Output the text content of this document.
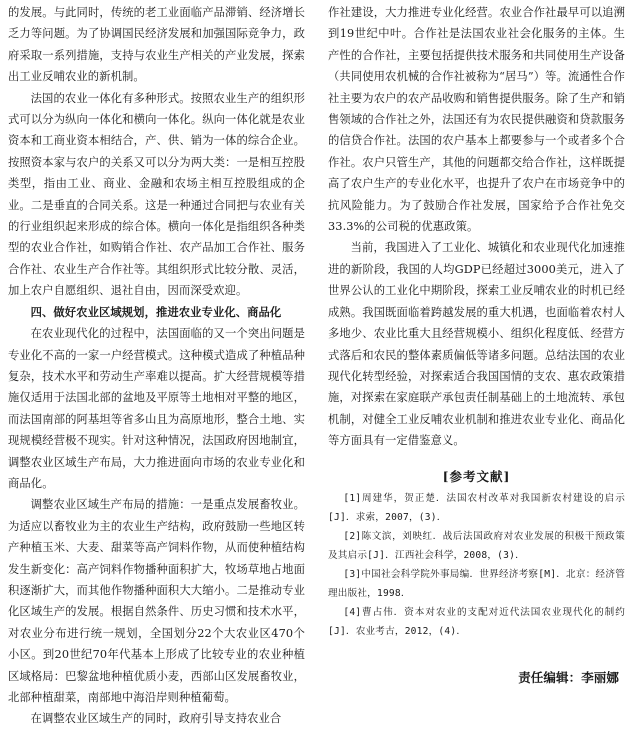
的发展。与此同时，传统的老工业面临产品滞销、经济增长乏力等问题。为了协调国民经济发展和加强国际竞争力，政府采取一系列措施，支持与农业生产相关的产业发展，探索出工业反哺农业的新机制。

法国的农业一体化有多种形式。按照农业生产的组织形式可以分为纵向一体化和横向一体化。纵向一体化就是农业资本和工商业资本相结合，产、供、销为一体的综合企业。按照资本家与农户的关系又可以分为两大类：一是相互控股类型，指由工业、商业、金融和农场主相互控股组成的企业。二是垂直的合同关系。这是一种通过合同把与农业有关的行业组织起来形成的综合体。横向一体化是指组织各种类型的农业合作社，如购销合作社、农产品加工合作社、服务合作社、农业生产合作社等。其组织形式比较分散、灵活，加上农户自愿组织、退社自由，因而深受欢迎。

四、做好农业区域规划，推进农业专业化、商品化

在农业现代化的过程中，法国面临的又一个突出问题是专业化不高的一家一户经营模式。这种模式造成了种植品种复杂，技术水平和劳动生产率难以提高。扩大经营规模等措施仅适用于法国北部的盆地及平原等土地相对平整的地区，而法国南部的阿基坦等省多山且为高原地形，整合土地、实现规模经营极不现实。针对这种情况，法国政府因地制宜，调整农业区域生产布局，大力推进面向市场的农业专业化和商品化。

调整农业区域生产布局的措施：一是重点发展畜牧业。为适应以畜牧业为主的农业生产结构，政府鼓励一些地区转产种植玉米、大麦、甜菜等高产饲料作物，从而使种植结构发生新变化：高产饲料作物播种面积扩大，牧场草地占地面积逐渐扩大，而其他作物播种面积大大缩小。二是推动专业化区域生产的发展。根据自然条件、历史习惯和技术水平，对农业分布进行统一规划，全国划分22个大农业区470个小区。到20世纪70年代基本上形成了比较专业的农业种植区域格局：巴黎盆地种植优质小麦，西部山区发展畜牧业，北部种植甜菜，南部地中海沿岸则种植葡萄。

在调整农业区域生产的同时，政府引导支持农业合

作社建设，大力推进专业化经营。农业合作社最早可以追溯到19世纪中叶。合作社是法国农业社会化服务的主体。生产性的合作社，主要包括提供技术服务和共同使用生产设备（共同使用农机械的合作社被称为“居马”）等。流通性合作社主要为农户的农产品收购和销售提供服务。除了生产和销售领域的合作社之外，法国还有为农民提供融资和贷款服务的信贷合作社。法国的农户基本上都要参与一个或者多个合作社。农户只管生产，其他的问题都交给合作社，这样既提高了农户生产的专业化水平，也提升了农户在市场竞争中的抗风险能力。为了鼓励合作社发展，国家给予合作社免交33.3%的公司税的优惠政策。

当前，我国进入了工业化、城镇化和农业现代化加速推进的新阶段，我国的人均GDP已经超过3000美元，进入了世界公认的工业化中期阶段，探索工业反哺农业的时机已经成熟。我国既面临着跨越发展的重大机遇，也面临着农村人多地少、农业比重大且经营规模小、组织化程度低、经营方式落后和农民的整体素质偏低等诸多问题。总结法国的农业现代化转型经验，对探索适合我国国情的支农、惠农政策措施，对探索在家庭联产承包责任制基础上的土地流转、承包机制，对健全工业反哺农业机制和推进农业专业化、商品化等方面具有一定借鉴意义。

[参考文献]

[1]周建华，贺正楚．法国农村改革对我国新农村建设的启示[J]．求索，2007，(3)．

[2]陈文滨，刘映红．战后法国政府对农业发展的积极干预政策及其启示[J]．江西社会科学，2008，(3)．

[3]中国社会科学院外事局编．世界经济考察[M]．北京：经济管理出版社，1998．

[4]曹占伟．资本对农业的支配对近代法国农业现代化的制约[J]．农业考古，2012，(4)．

责任编辑：李丽娜
